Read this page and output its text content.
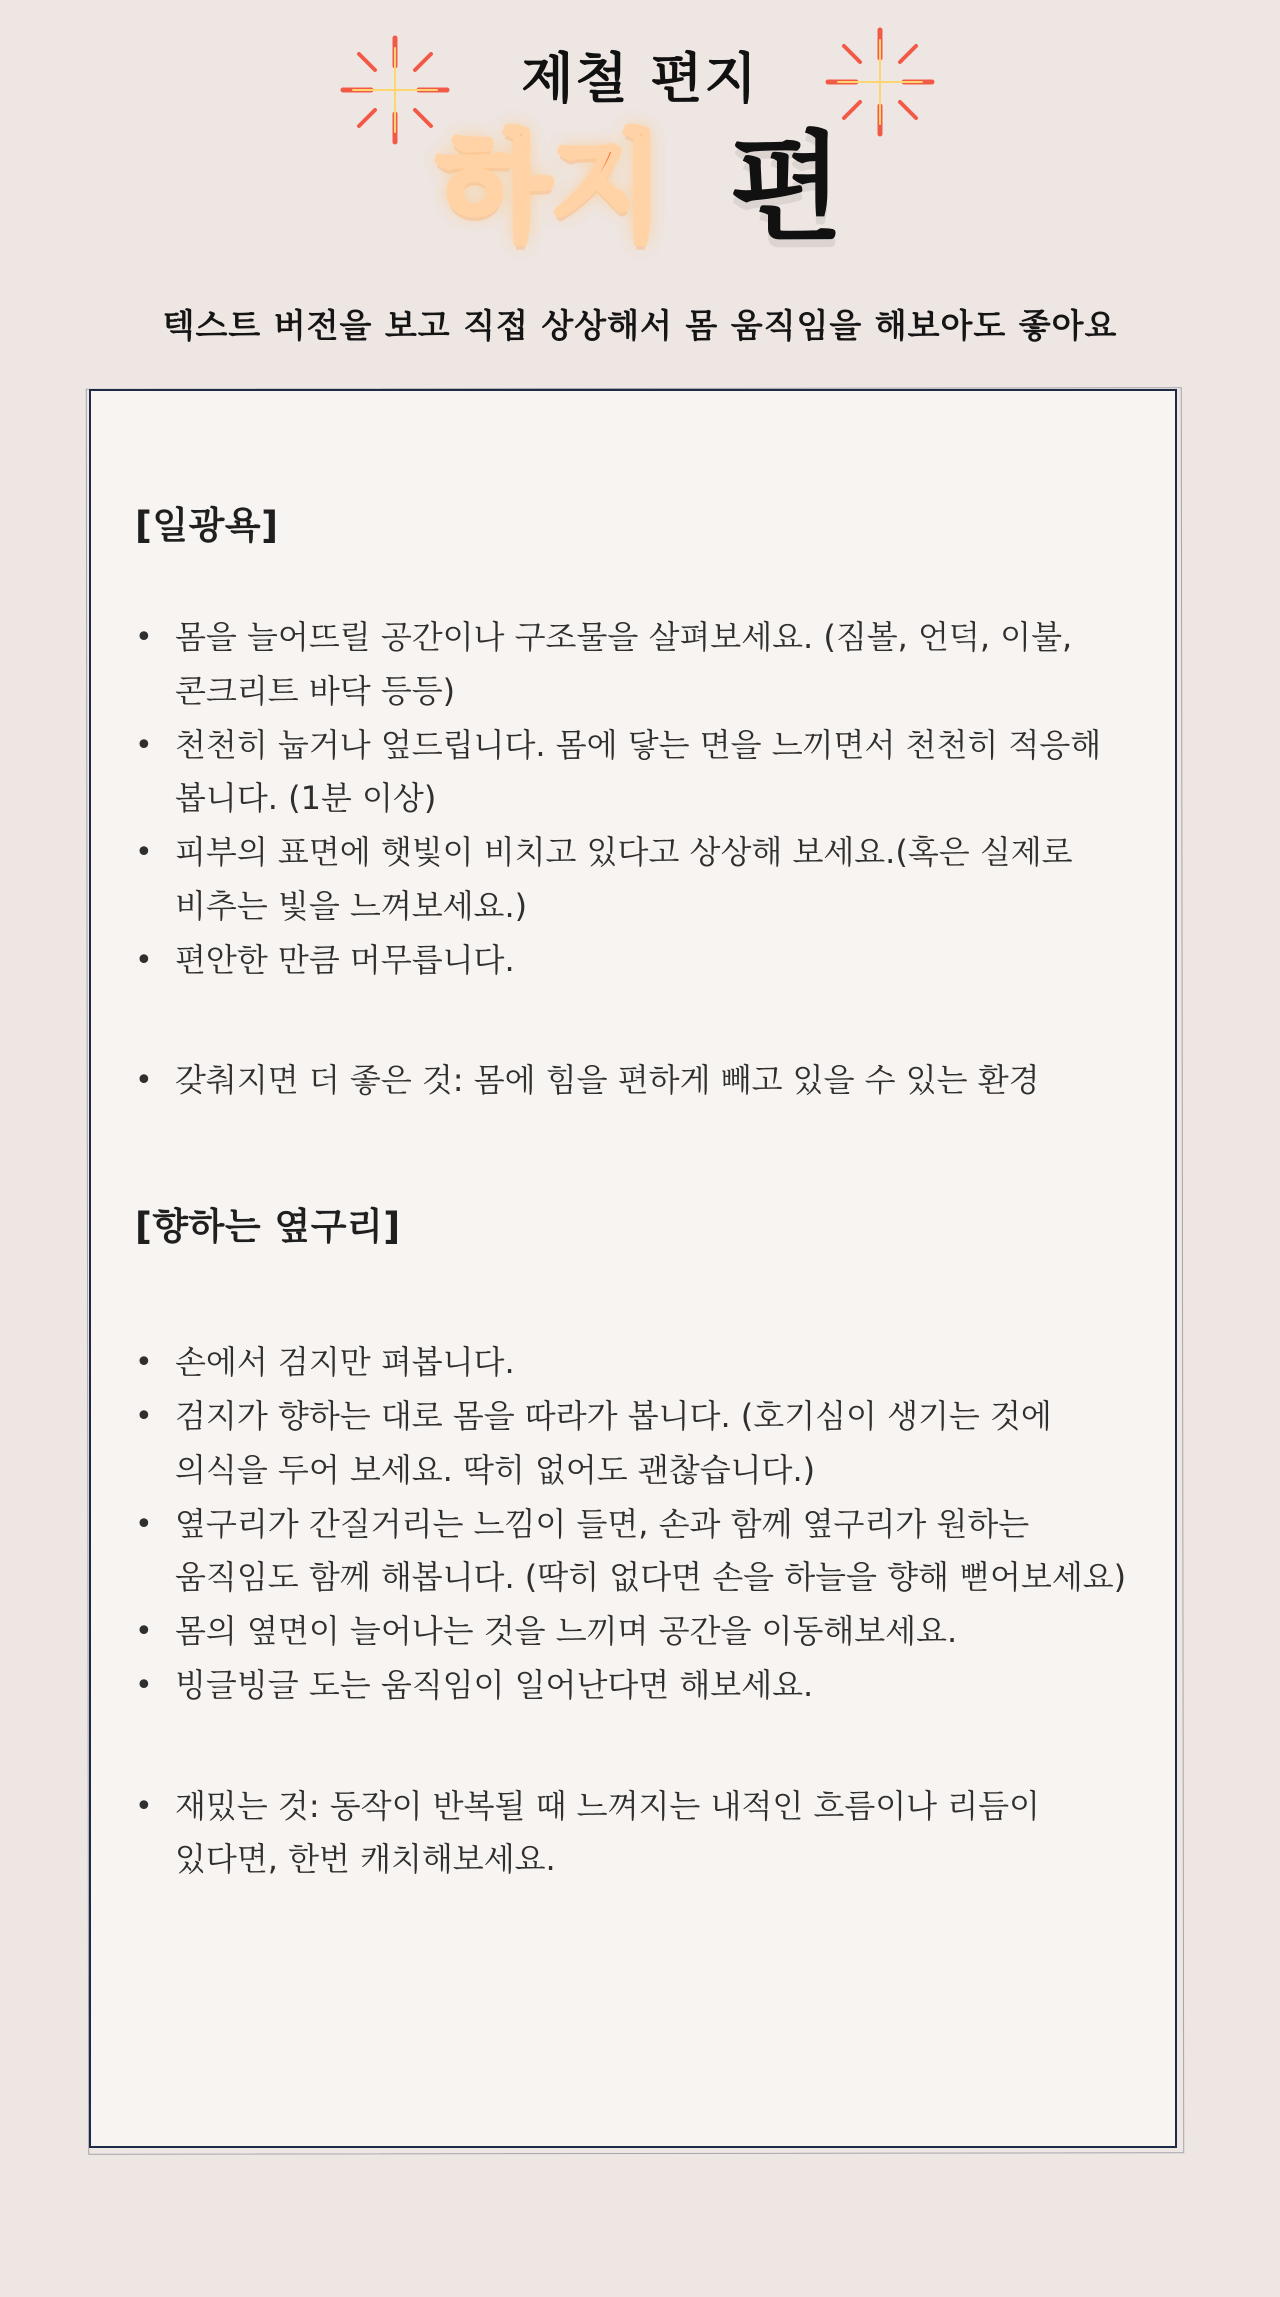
제철 편지
하지 편
텍스트 버전을 보고 직접 상상해서 몸 움직임을 해보아도 좋아요
[일광욕]
• 몸을 늘어뜨릴 공간이나 구조물을 살펴보세요. (짐볼, 언덕, 이불, 콘크리트 바닥 등등)
• 천천히 눕거나 엎드립니다. 몸에 닿는 면을 느끼면서 천천히 적응해 봅니다. (1분 이상)
• 피부의 표면에 햇빛이 비치고 있다고 상상해 보세요.(혹은 실제로 비추는 빛을 느껴보세요.)
• 편안한 만큼 머무릅니다.
• 갖춰지면 더 좋은 것: 몸에 힘을 편하게 빼고 있을 수 있는 환경
[향하는 옆구리]
• 손에서 검지만 펴봅니다.
• 검지가 향하는 대로 몸을 따라가 봅니다. (호기심이 생기는 것에 의식을 두어 보세요. 딱히 없어도 괜찮습니다.)
• 옆구리가 간질거리는 느낌이 들면, 손과 함께 옆구리가 원하는 움직임도 함께 해봅니다. (딱히 없다면 손을 하늘을 향해 뻗어보세요)
• 몸의 옆면이 늘어나는 것을 느끼며 공간을 이동해보세요.
• 빙글빙글 도는 움직임이 일어난다면 해보세요.
• 재밌는 것: 동작이 반복될 때 느껴지는 내적인 흐름이나 리듬이 있다면, 한번 캐치해보세요.
